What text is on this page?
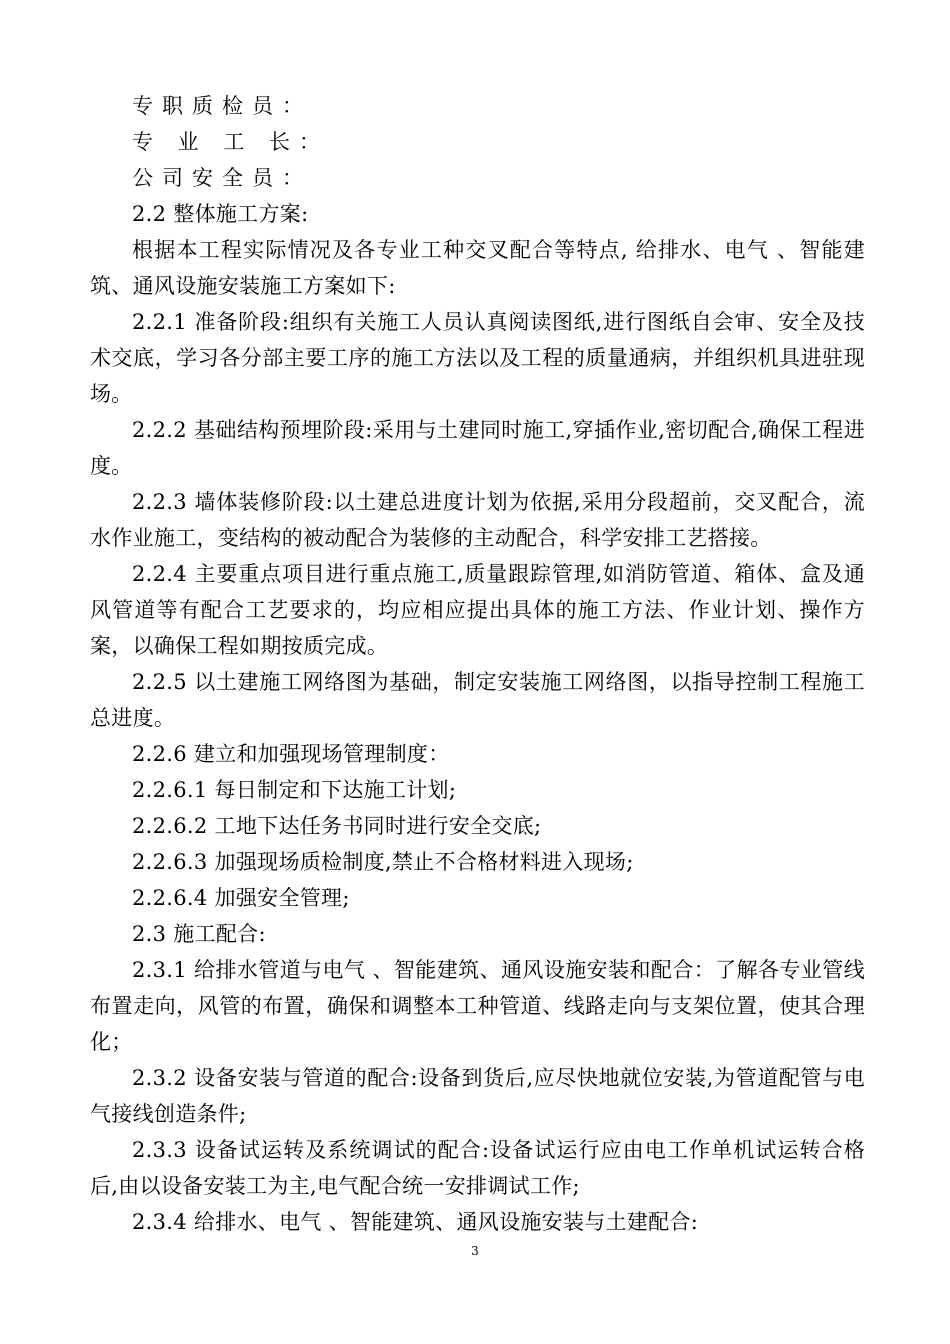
专职质检员：

专 业 工 长：

公司安全员：

2.2 整体施工方案:

根据本工程实际情况及各专业工种交叉配合等特点, 给排水、电气 、智能建筑、通风设施安装施工方案如下:

2.2.1 准备阶段:组织有关施工人员认真阅读图纸,进行图纸自会审、安全及技术交底，学习各分部主要工序的施工方法以及工程的质量通病，并组织机具进驻现场。

2.2.2 基础结构预埋阶段:采用与土建同时施工,穿插作业,密切配合,确保工程进度。

2.2.3 墙体装修阶段:以土建总进度计划为依据,采用分段超前，交叉配合，流水作业施工，变结构的被动配合为装修的主动配合，科学安排工艺搭接。

2.2.4 主要重点项目进行重点施工,质量跟踪管理,如消防管道、箱体、盒及通风管道等有配合工艺要求的，均应相应提出具体的施工方法、作业计划、操作方案，以确保工程如期按质完成。

2.2.5 以土建施工网络图为基础，制定安装施工网络图，以指导控制工程施工总进度。

2.2.6 建立和加强现场管理制度：

2.2.6.1 每日制定和下达施工计划;

2.2.6.2 工地下达任务书同时进行安全交底;

2.2.6.3 加强现场质检制度,禁止不合格材料进入现场;

2.2.6.4 加强安全管理;

2.3 施工配合:

2.3.1 给排水管道与电气 、智能建筑、通风设施安装和配合：了解各专业管线布置走向，风管的布置，确保和调整本工种管道、线路走向与支架位置，使其合理化；

2.3.2 设备安装与管道的配合:设备到货后,应尽快地就位安装,为管道配管与电气接线创造条件;

2.3.3 设备试运转及系统调试的配合:设备试运行应由电工作单机试运转合格后,由以设备安装工为主,电气配合统一安排调试工作;

2.3.4 给排水、电气 、智能建筑、通风设施安装与土建配合:

3
